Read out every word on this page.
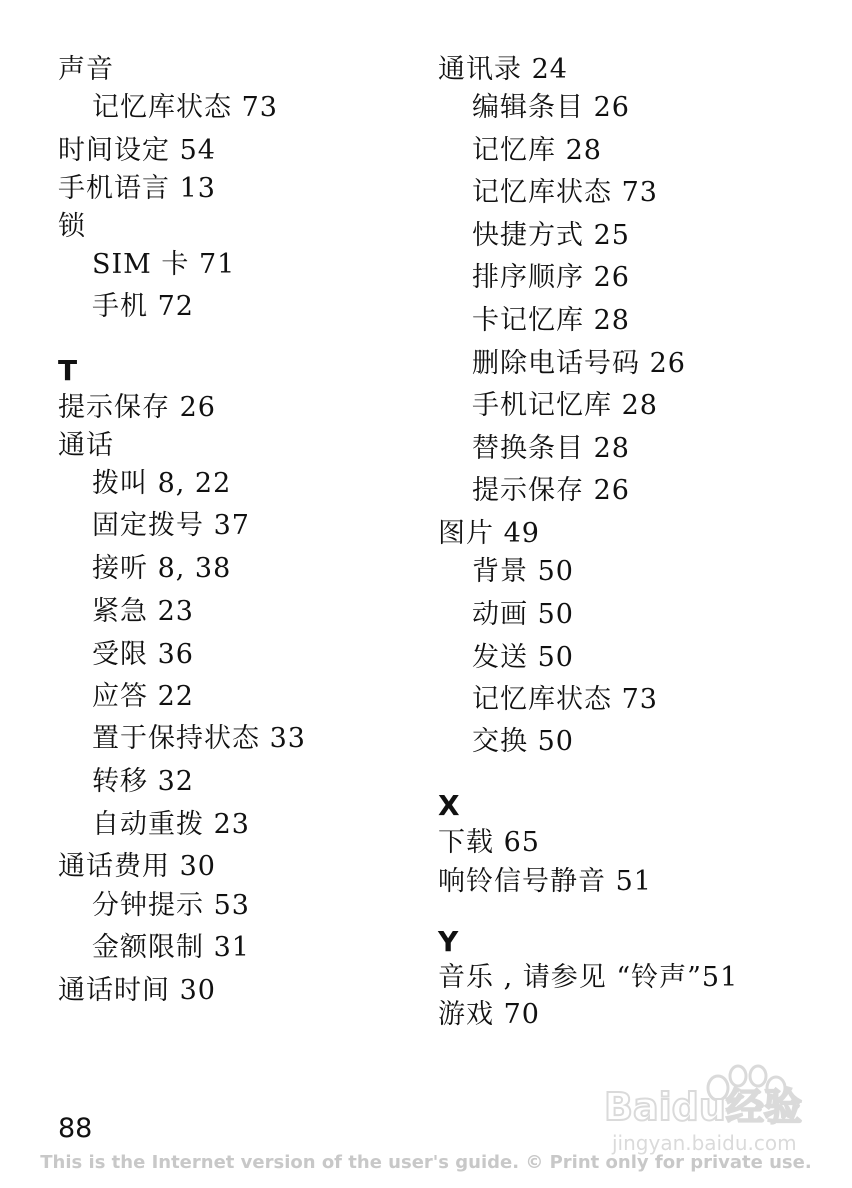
声音
记忆库状态 73
时间设定 54
手机语言 13
锁
SIM 卡 71
手机 72
T
提示保存 26
通话
拨叫 8, 22
固定拨号 37
接听 8, 38
紧急 23
受限 36
应答 22
置于保持状态 33
转移 32
自动重拨 23
通话费用 30
分钟提示 53
金额限制 31
通话时间 30
通讯录 24
编辑条目 26
记忆库 28
记忆库状态 73
快捷方式 25
排序顺序 26
卡记忆库 28
删除电话号码 26
手机记忆库 28
替换条目 28
提示保存 26
图片 49
背景 50
动画 50
发送 50
记忆库状态 73
交换 50
X
下载 65
响铃信号静音 51
Y
音乐 , 请参见 “铃声”51
游戏 70
88
This is the Internet version of the user's guide. © Print only for private use.
Baidu经验
jingyan.baidu.com
